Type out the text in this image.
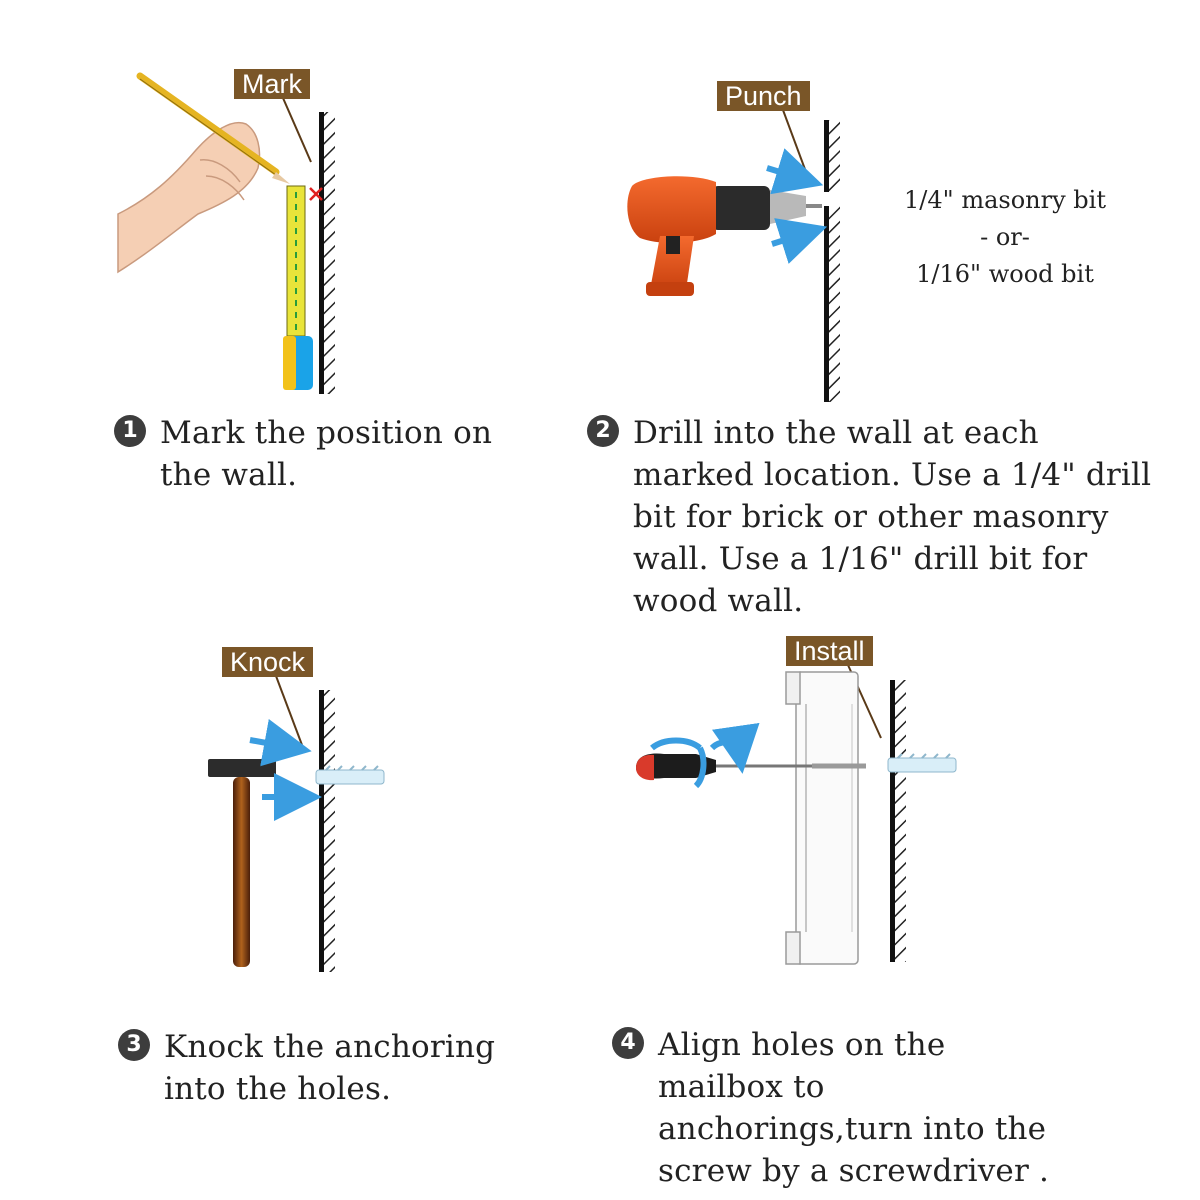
Mark	Punch
Knock	Install
1/4" masonry bit
- or-
1/16" wood bit
1 Mark the position on the wall.
2 Drill into the wall at each marked location. Use a 1/4" drill bit for brick or other masonry wall. Use a 1/16" drill bit for wood wall.
3 Knock the anchoring into the holes.
4 Align holes on the mailbox to anchorings,turn into the screw by a screwdriver .
